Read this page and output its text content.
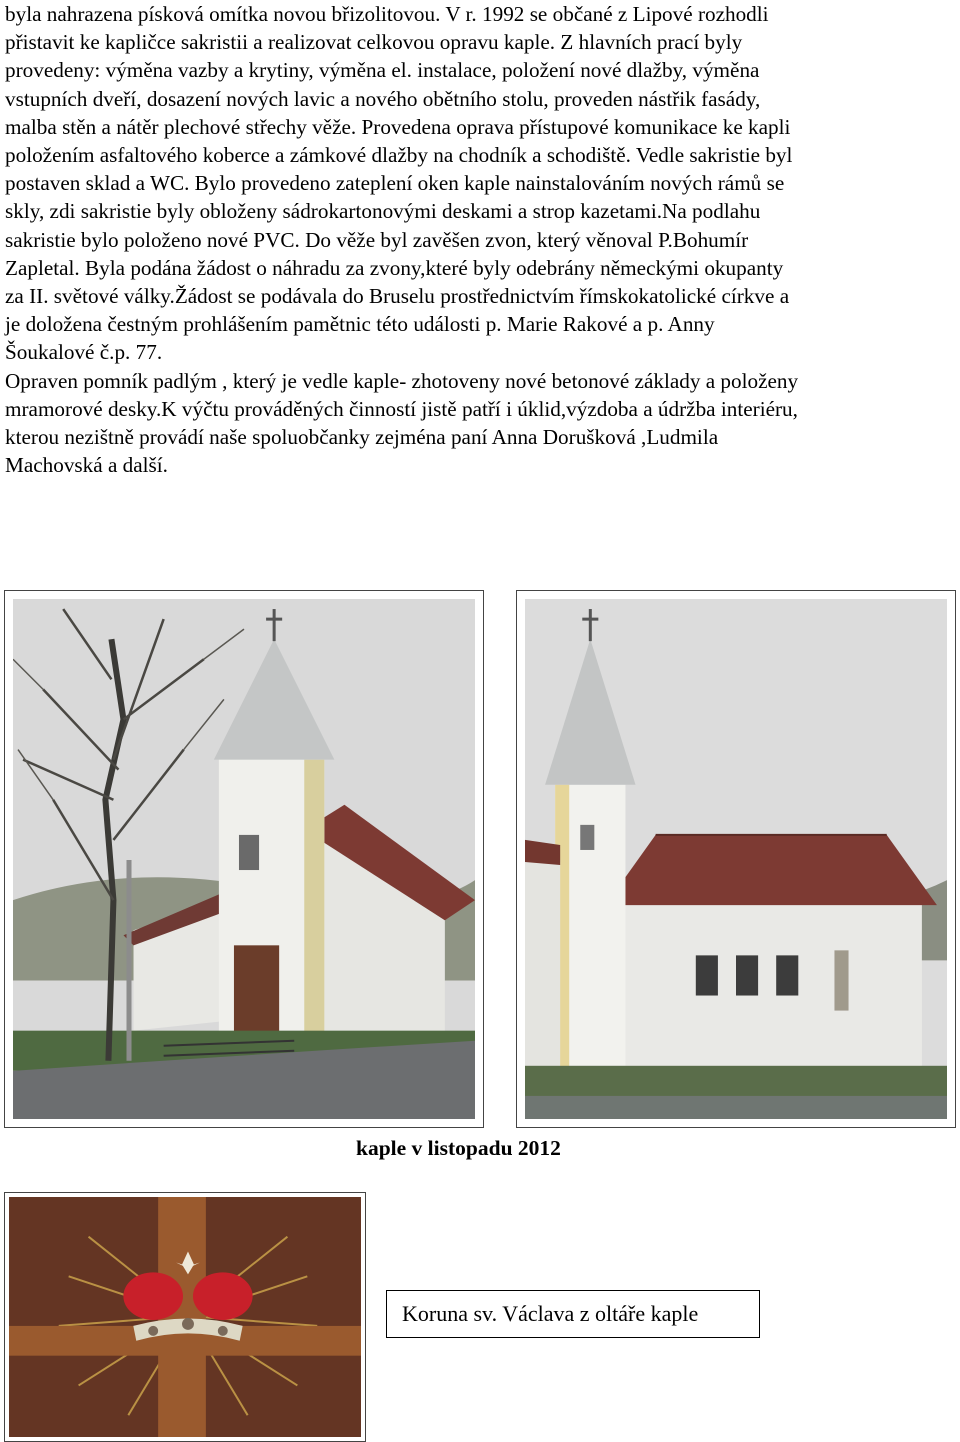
byla nahrazena písková omítka novou břizolitovou. V r. 1992 se občané z Lipové rozhodli

přistavit ke kapličce sakristii a realizovat celkovou opravu kaple. Z hlavních prací byly

provedeny: výměna vazby a krytiny, výměna el. instalace, položení nové dlažby, výměna

vstupních dveří, dosazení nových lavic a nového obětního stolu, proveden nástřik fasády,

malba stěn a nátěr plechové střechy věže. Provedena oprava přístupové komunikace ke kapli

položením asfaltového koberce a zámkové dlažby na chodník a schodiště. Vedle sakristie byl

postaven sklad a WC. Bylo provedeno zateplení oken kaple nainstalováním nových rámů se

skly, zdi sakristie byly obloženy sádrokartonovými deskami a strop kazetami.Na podlahu

sakristie bylo položeno nové PVC. Do věže byl zavěšen zvon, který věnoval P.Bohumír

Zapletal. Byla podána žádost o náhradu za zvony,které byly odebrány německými okupanty

za II. světové války.Žádost se podávala do Bruselu prostřednictvím římskokatolické církve a

je doložena čestným prohlášením pamětnic této události p. Marie Rakové a p. Anny

Šoukalové č.p. 77.

Opraven pomník padlým , který je vedle kaple- zhotoveny nové betonové základy a položeny

mramorové desky.K výčtu prováděných činností jistě patří i úklid,výzdoba a údržba interiéru,

kterou nezištně provádí naše spoluobčanky zejména paní Anna Dorušková ,Ludmila

Machovská a další.

kaple v listopadu 2012
Koruna sv. Václava z oltáře kaple
